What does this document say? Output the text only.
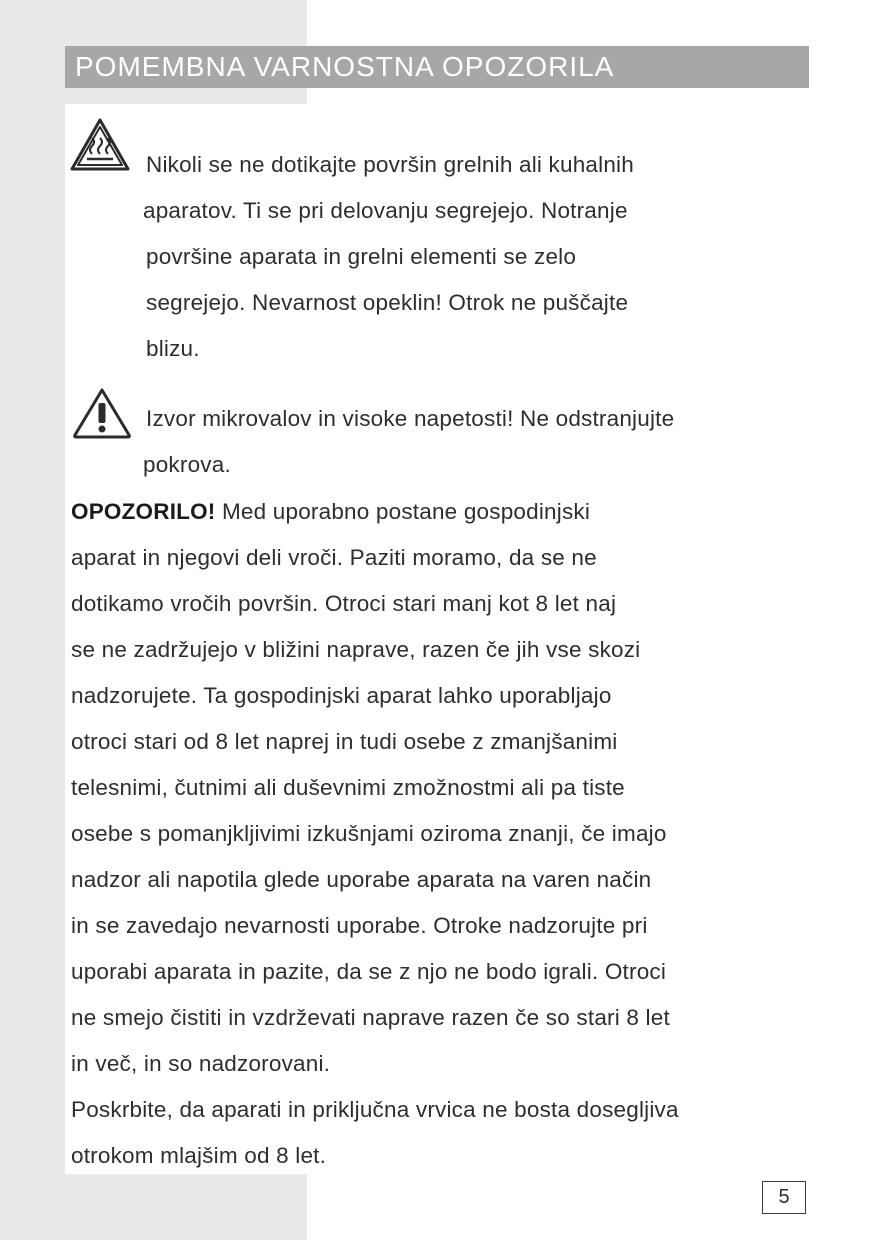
POMEMBNA VARNOSTNA OPOZORILA
Nikoli se ne dotikajte površin grelnih ali kuhalnih
aparatov. Ti se pri delovanju segrejejo. Notranje
površine aparata in grelni elementi se zelo
segrejejo. Nevarnost opeklin! Otrok ne puščajte
blizu.
Izvor mikrovalov in visoke napetosti! Ne odstranjujte
pokrova.
OPOZORILO! Med uporabno postane gospodinjski
aparat in njegovi deli vroči. Paziti moramo, da se ne
dotikamo vročih površin. Otroci stari manj kot 8 let naj
se ne zadržujejo v bližini naprave, razen če jih vse skozi
nadzorujete. Ta gospodinjski aparat lahko uporabljajo
otroci stari od 8 let naprej in tudi osebe z zmanjšanimi
telesnimi, čutnimi ali duševnimi zmožnostmi ali pa tiste
osebe s pomanjkljivimi izkušnjami oziroma znanji, če imajo
nadzor ali napotila glede uporabe aparata na varen način
in se zavedajo nevarnosti uporabe. Otroke nadzorujte pri
uporabi aparata in pazite, da se z njo ne bodo igrali. Otroci
ne smejo čistiti in vzdrževati naprave razen če so stari 8 let
in več, in so nadzorovani.
Poskrbite, da aparati in priključna vrvica ne bosta dosegljiva
otrokom mlajšim od 8 let.
5
